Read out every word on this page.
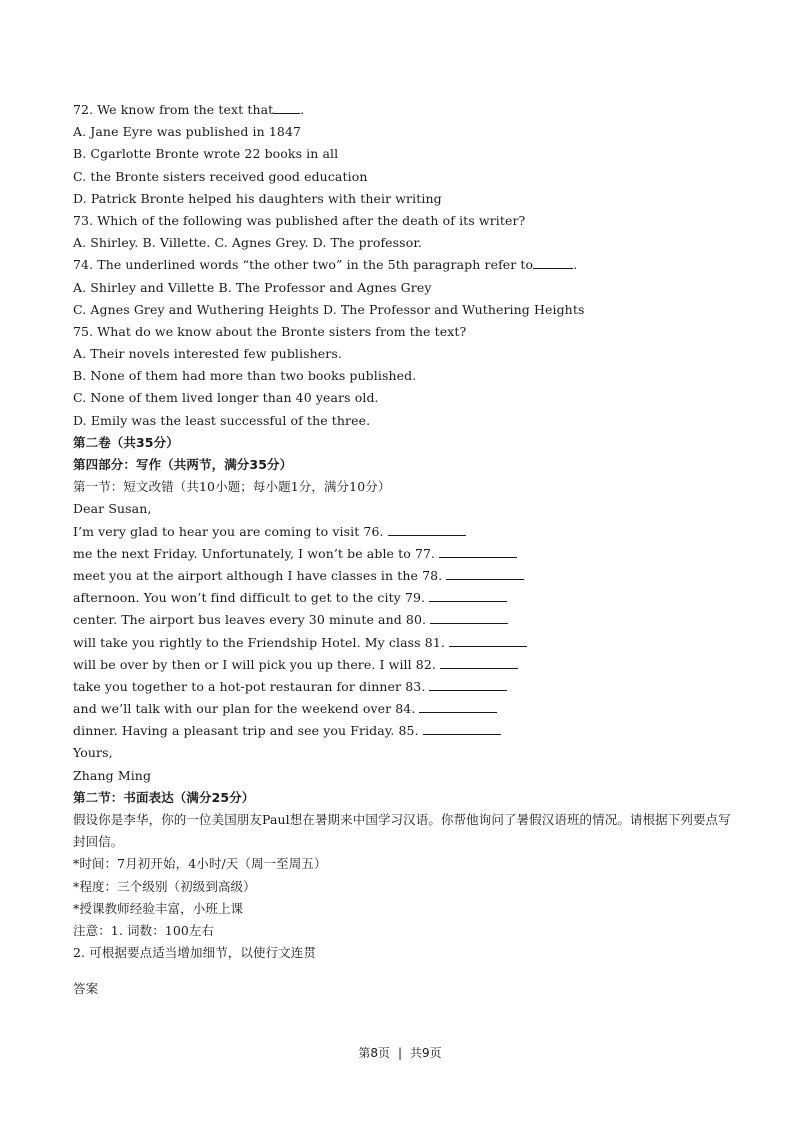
72. We know from the text that .
A. Jane Eyre was published in 1847
B. Cgarlotte Bronte wrote 22 books in all
C. the Bronte sisters received good education
D. Patrick Bronte helped his daughters with their writing
73. Which of the following was published after the death of its writer?
A. Shirley. B. Villette. C. Agnes Grey. D. The professor.
74. The underlined words “the other two” in the 5th paragraph refer to	.
A. Shirley and Villette B. The Professor and Agnes Grey
C. Agnes Grey and Wuthering Heights D. The Professor and Wuthering Heights
75. What do we know about the Bronte sisters from the text?
A. Their novels interested few publishers.
B. None of them had more than two books published.
C. None of them lived longer than 40 years old.
D. Emily was the least successful of the three.
第二卷（共35分）
第四部分：写作（共两节，满分35分）
第一节：短文改错（共10小题；每小题1分，满分10分）
Dear Susan,
I’m very glad to hear you are coming to visit 76.
me the next Friday. Unfortunately, I won’t be able to 77.
meet you at the airport although I have classes in the 78.
afternoon. You won’t find difficult to get to the city 79.
center. The airport bus leaves every 30 minute and 80.
will take you rightly to the Friendship Hotel. My class 81.
will be over by then or I will pick you up there. I will 82.
take you together to a hot-pot restauran for dinner 83.
and we’ll talk with our plan for the weekend over 84.
dinner. Having a pleasant trip and see you Friday. 85.
Yours,
Zhang Ming
第二节：书面表达（满分25分）
假设你是李华，你的一位美国朋友Paul想在暑期来中国学习汉语。你帮他询问了暑假汉语班的情况。请根据下列要点写封回信。
*时间：7月初开始，4小时/天（周一至周五）
*程度：三个级别（初级到高级）
*授课教师经验丰富，小班上课
注意：1. 词数：100左右
2. 可根据要点适当增加细节，以使行文连贯
答案
第8页 | 共9页
